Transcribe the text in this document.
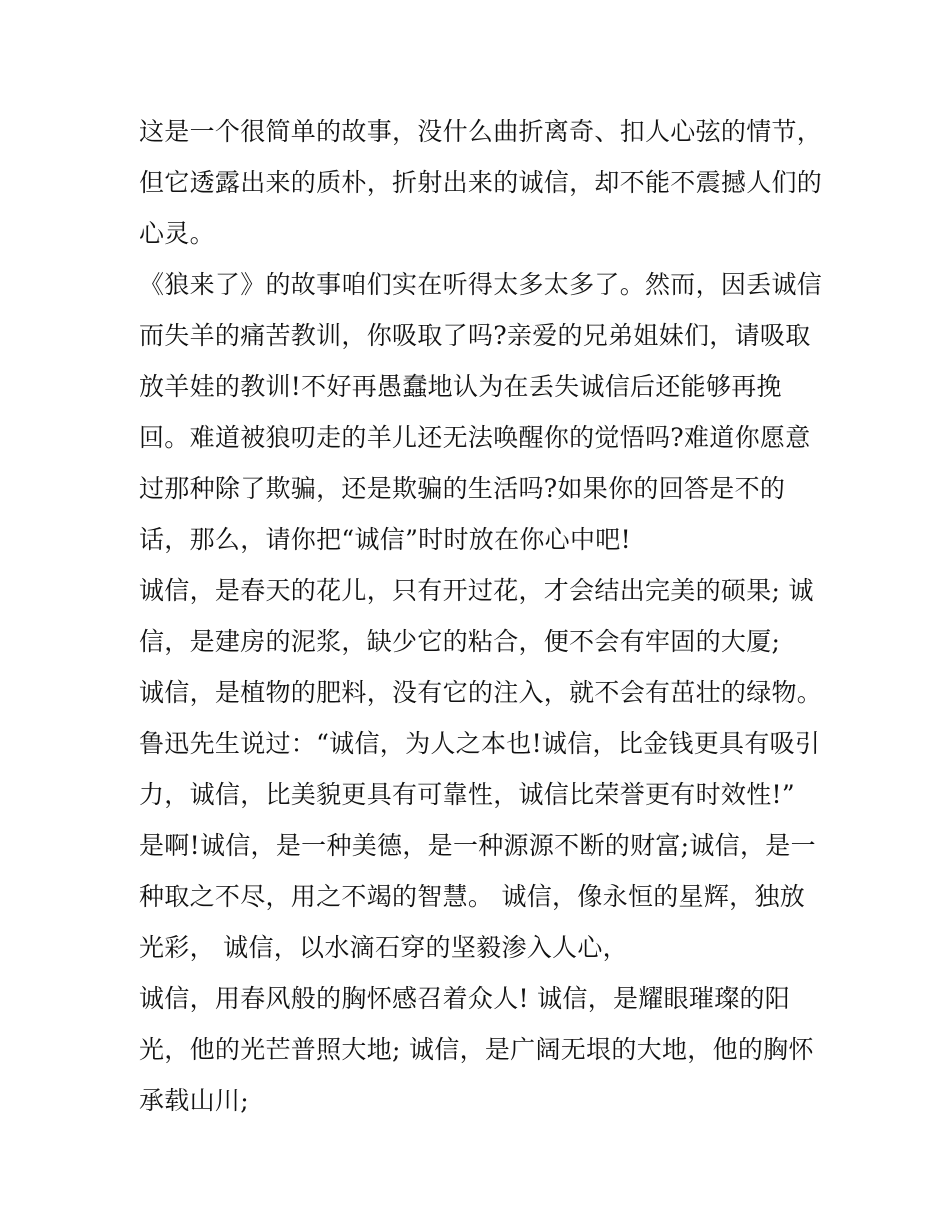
这是一个很简单的故事，没什么曲折离奇、扣人心弦的情节，
但它透露出来的质朴，折射出来的诚信，却不能不震撼人们的
心灵。
《狼来了》的故事咱们实在听得太多太多了。然而，因丢诚信
而失羊的痛苦教训，你吸取了吗?亲爱的兄弟姐妹们，请吸取
放羊娃的教训!不好再愚蠢地认为在丢失诚信后还能够再挽
回。难道被狼叨走的羊儿还无法唤醒你的觉悟吗?难道你愿意
过那种除了欺骗，还是欺骗的生活吗?如果你的回答是不的
话，那么，请你把“诚信”时时放在你心中吧!
诚信，是春天的花儿，只有开过花，才会结出完美的硕果; 诚
信，是建房的泥浆，缺少它的粘合，便不会有牢固的大厦;
诚信，是植物的肥料，没有它的注入，就不会有茁壮的绿物。
鲁迅先生说过：“诚信，为人之本也!诚信，比金钱更具有吸引
力，诚信，比美貌更具有可靠性，诚信比荣誉更有时效性!”
是啊!诚信，是一种美德，是一种源源不断的财富;诚信，是一
种取之不尽，用之不竭的智慧。 诚信，像永恒的星辉，独放
光彩， 诚信，以水滴石穿的坚毅渗入人心，
诚信，用春风般的胸怀感召着众人! 诚信，是耀眼璀璨的阳
光，他的光芒普照大地; 诚信，是广阔无垠的大地，他的胸怀
承载山川;
